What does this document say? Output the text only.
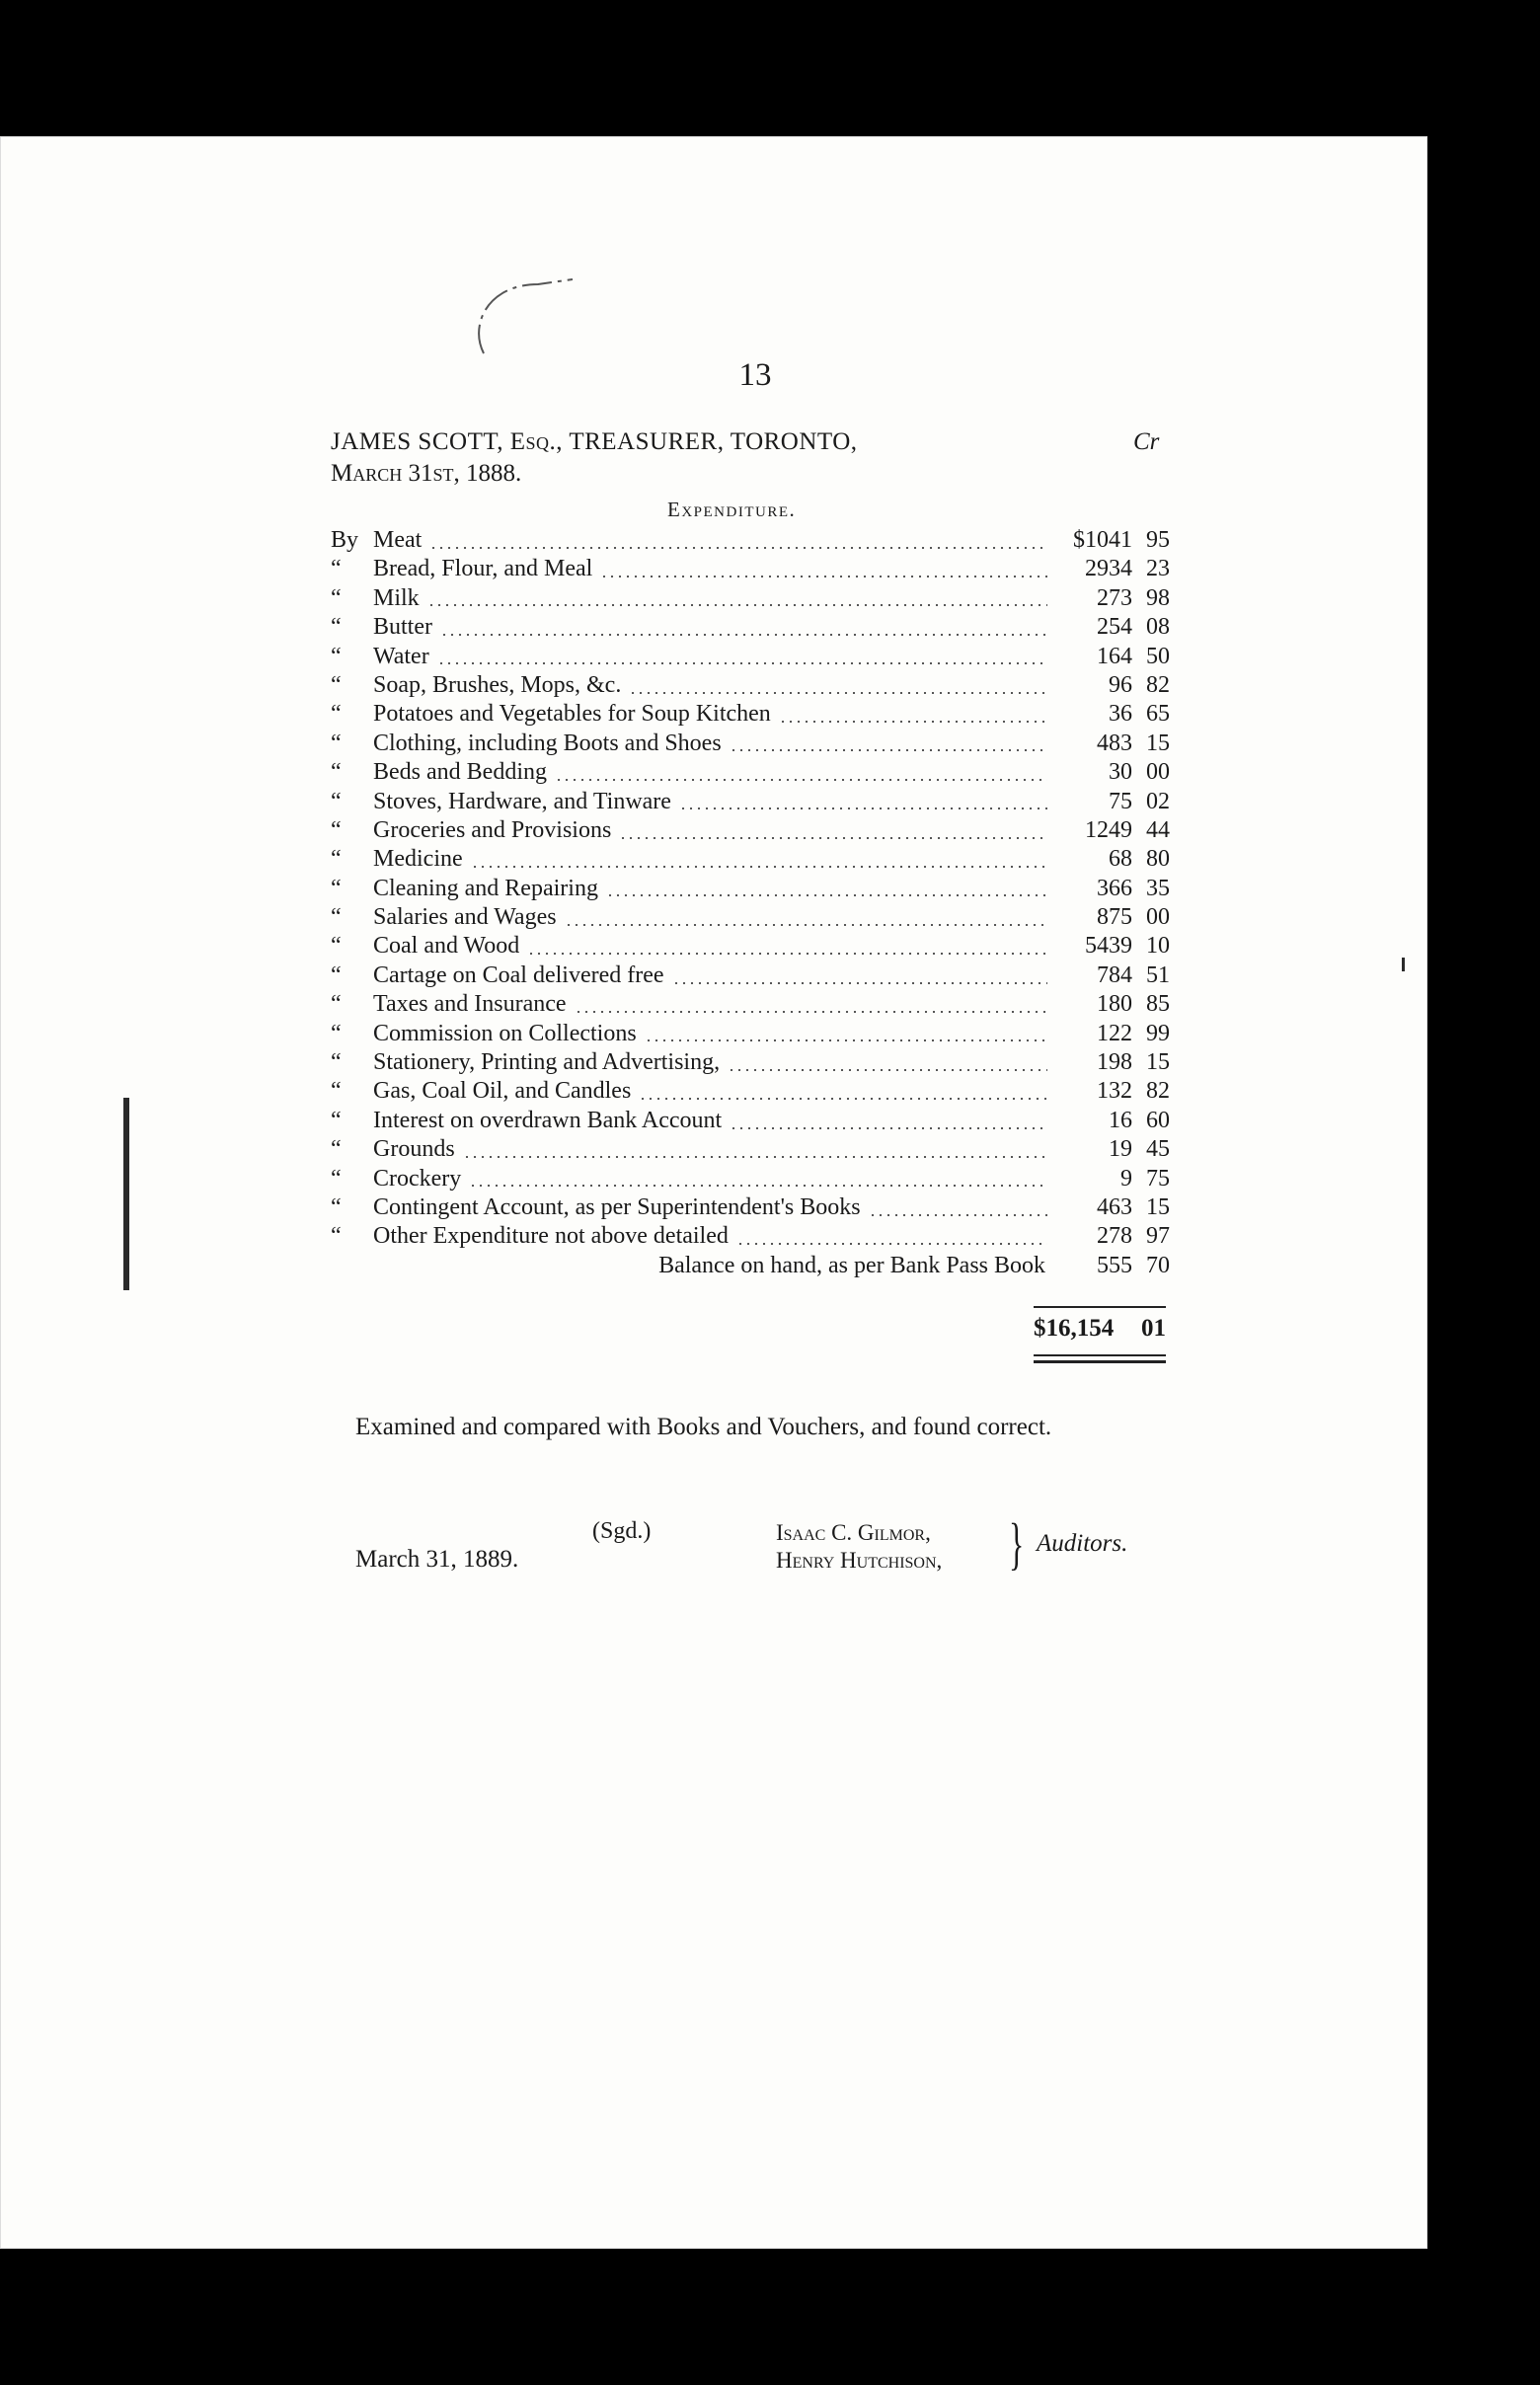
13
JAMES SCOTT, Esq., TREASURER, TORONTO,	Cr
March 31st, 1888.
Expenditure.
By Meat	$1041 95
“	Bread, Flour, and Meal	2934 23
“	Milk	273 98
“	Butter	254 08
“	Water	164 50
“	Soap, Brushes, Mops, &c.	96 82
“	Potatoes and Vegetables for Soup Kitchen	36 65
“	Clothing, including Boots and Shoes	483 15
“	Beds and Bedding	30 00
“	Stoves, Hardware, and Tinware	75 02
“	Groceries and Provisions	1249 44
“	Medicine	68 80
“	Cleaning and Repairing	366 35
“	Salaries and Wages	875 00
“	Coal and Wood	5439 10
“	Cartage on Coal delivered free	784 51
“	Taxes and Insurance	180 85
“	Commission on Collections	122 99
“	Stationery, Printing and Advertising,	198 15
“	Gas, Coal Oil, and Candles	132 82
“	Interest on overdrawn Bank Account	16 60
“	Grounds	19 45
“	Crockery	9 75
“	Contingent Account, as per Superintendent's Books	463 15
“	Other Expenditure not above detailed	278 97
Balance on hand, as per Bank Pass Book	555 70
$16,154 01
Examined and compared with Books and Vouchers, and found correct.
(Sgd.)
March 31, 1889.
Isaac C. Gilmor,
Henry Hutchison, } Auditors.
